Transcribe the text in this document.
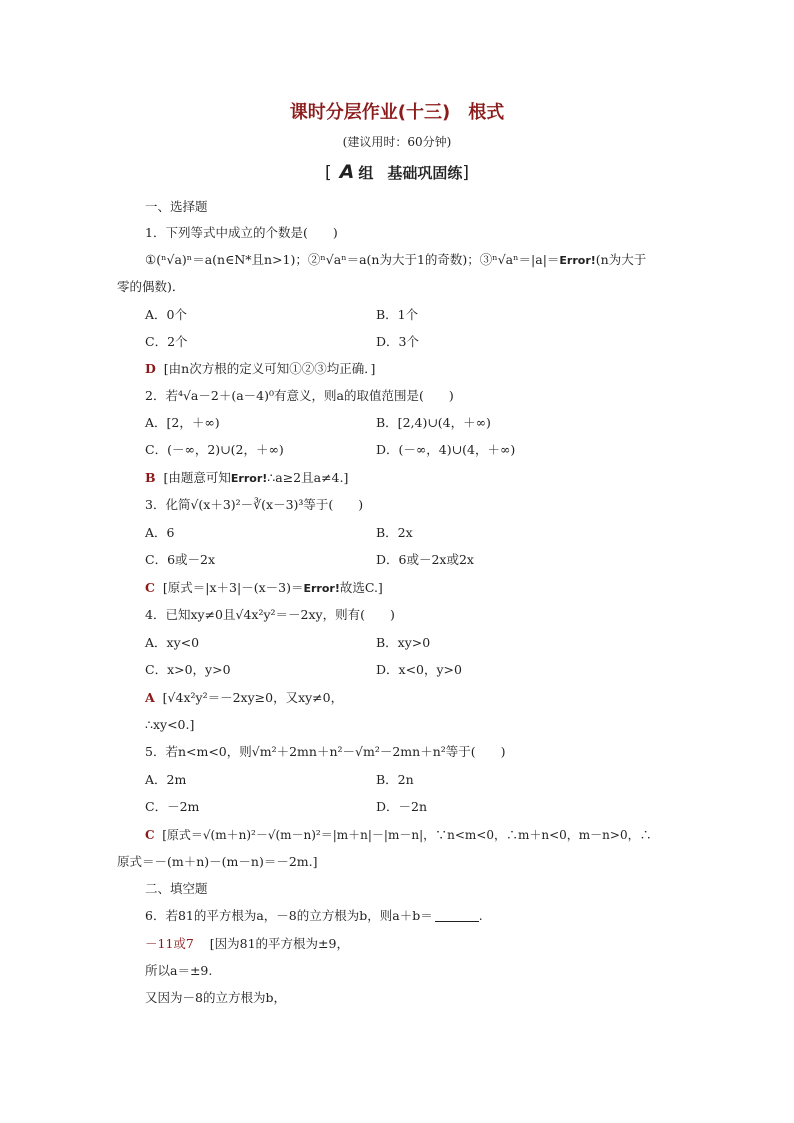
课时分层作业(十三) 根式
(建议用时：60分钟)
[ A 组 基础巩固练]
一、选择题
1．下列等式中成立的个数是(　　)
①(ⁿ√a)ⁿ＝a(n∈N*且n>1)；②ⁿ√aⁿ＝a(n为大于1的奇数)；③ⁿ√aⁿ＝|a|＝Error!(n为大于
零的偶数)．
A．0个	B．1个
C．2个	D．3个
D [由n次方根的定义可知①②③均正确．]
2．若⁴√a－2＋(a－4)⁰有意义，则a的取值范围是(　　)
A．[2，＋∞)	B．[2,4)∪(4，＋∞)
C．(－∞，2)∪(2，＋∞)	D．(－∞，4)∪(4，＋∞)
B [由题意可知Error!∴a≥2且a≠4.]
3．化简√(x＋3)²－∛(x－3)³等于(　　)
A．6	B．2x
C．6或－2x	D．6或－2x或2x
C [原式＝|x＋3|－(x－3)＝Error!故选C.]
4．已知xy≠0且√4x²y²＝－2xy，则有(　　)
A．xy<0	B．xy>0
C．x>0，y>0	D．x<0，y>0
A [√4x²y²＝－2xy≥0，又xy≠0，
∴xy<0.]
5．若n<m<0，则√m²＋2mn＋n²－√m²－2mn＋n²等于(　　)
A．2m	B．2n
C．－2m	D．－2n
C [原式＝√(m＋n)²－√(m－n)²＝|m＋n|－|m－n|，∵n<m<0，∴m＋n<0，m－n>0，∴
原式＝－(m＋n)－(m－n)＝－2m.]
二、填空题
6．若81的平方根为a，－8的立方根为b，则a＋b＝	.
－11或7 [因为81的平方根为±9，
所以a＝±9.
又因为－8的立方根为b，
